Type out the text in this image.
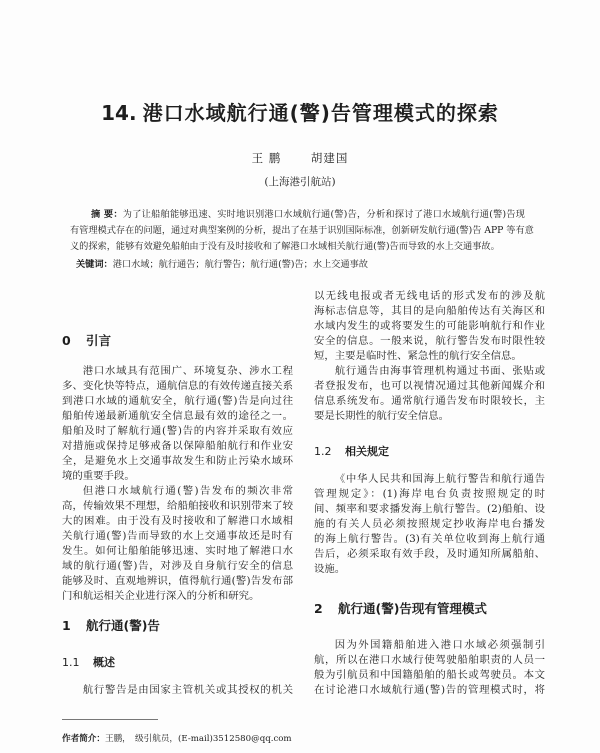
14. 港口水域航行通(警)告管理模式的探索
王 鹏	胡建国
(上海港引航站)
摘 要：为了让船舶能够迅速、实时地识别港口水域航行通(警)告，分析和探讨了港口水域航行通(警)告现
有管理模式存在的问题，通过对典型案例的分析，提出了在基于识别国际标准，创新研发航行通(警)告 APP 等有意
义的探索，能够有效避免船舶由于没有及时接收和了解港口水域相关航行通(警)告而导致的水上交通事故。
关键词：港口水域；航行通告；航行警告；航行通(警)告；水上交通事故
0 引言
港口水域具有范围广、环境复杂、涉水工程
多、变化快等特点，通航信息的有效传递直接关系
到港口水域的通航安全，航行通(警)告是向过往
船舶传递最新通航安全信息最有效的途径之一。
船舶及时了解航行通(警)告的内容并采取有效应
对措施或保持足够戒备以保障船舶航行和作业安
全，是避免水上交通事故发生和防止污染水域环
境的重要手段。
但港口水域航行通(警)告发布的频次非常
高，传输效果不理想，给船舶接收和识别带来了较
大的困难。由于没有及时接收和了解港口水域相
关航行通(警)告而导致的水上交通事故还是时有
发生。如何让船舶能够迅速、实时地了解港口水
域的航行通(警)告，对涉及自身航行安全的信息
能够及时、直观地辨识，值得航行通(警)告发布部
门和航运相关企业进行深入的分析和研究。
1 航行通(警)告
1.1 概述
航行警告是由国家主管机关或其授权的机关
以无线电报或者无线电话的形式发布的涉及航
海标志信息等，其目的是向船舶传达有关海区和
水域内发生的或将要发生的可能影响航行和作业
安全的信息。一般来说，航行警告发布时限性较
短，主要是临时性、紧急性的航行安全信息。
航行通告由海事管理机构通过书面、张贴或
者登报发布，也可以视情况通过其他新闻媒介和
信息系统发布。通常航行通告发布时限较长，主
要是长期性的航行安全信息。
1.2 相关规定
《中华人民共和国海上航行警告和航行通告
管理规定》：(1)海岸电台负责按照规定的时
间、频率和要求播发海上航行警告。(2)船舶、设
施的有关人员必须按照规定抄收海岸电台播发
的海上航行警告。(3)有关单位收到海上航行通
告后，必须采取有效手段，及时通知所属船舶、
设施。
2 航行通(警)告现有管理模式
因为外国籍船舶进入港口水域必须强制引
航，所以在港口水域行使驾驶船舶职责的人员一
般为引航员和中国籍船舶的船长或驾驶员。本文
在讨论港口水域航行通(警)告的管理模式时，将
作者简介：王鹏，　级引航员，(E-mail)3512580@qq.com
